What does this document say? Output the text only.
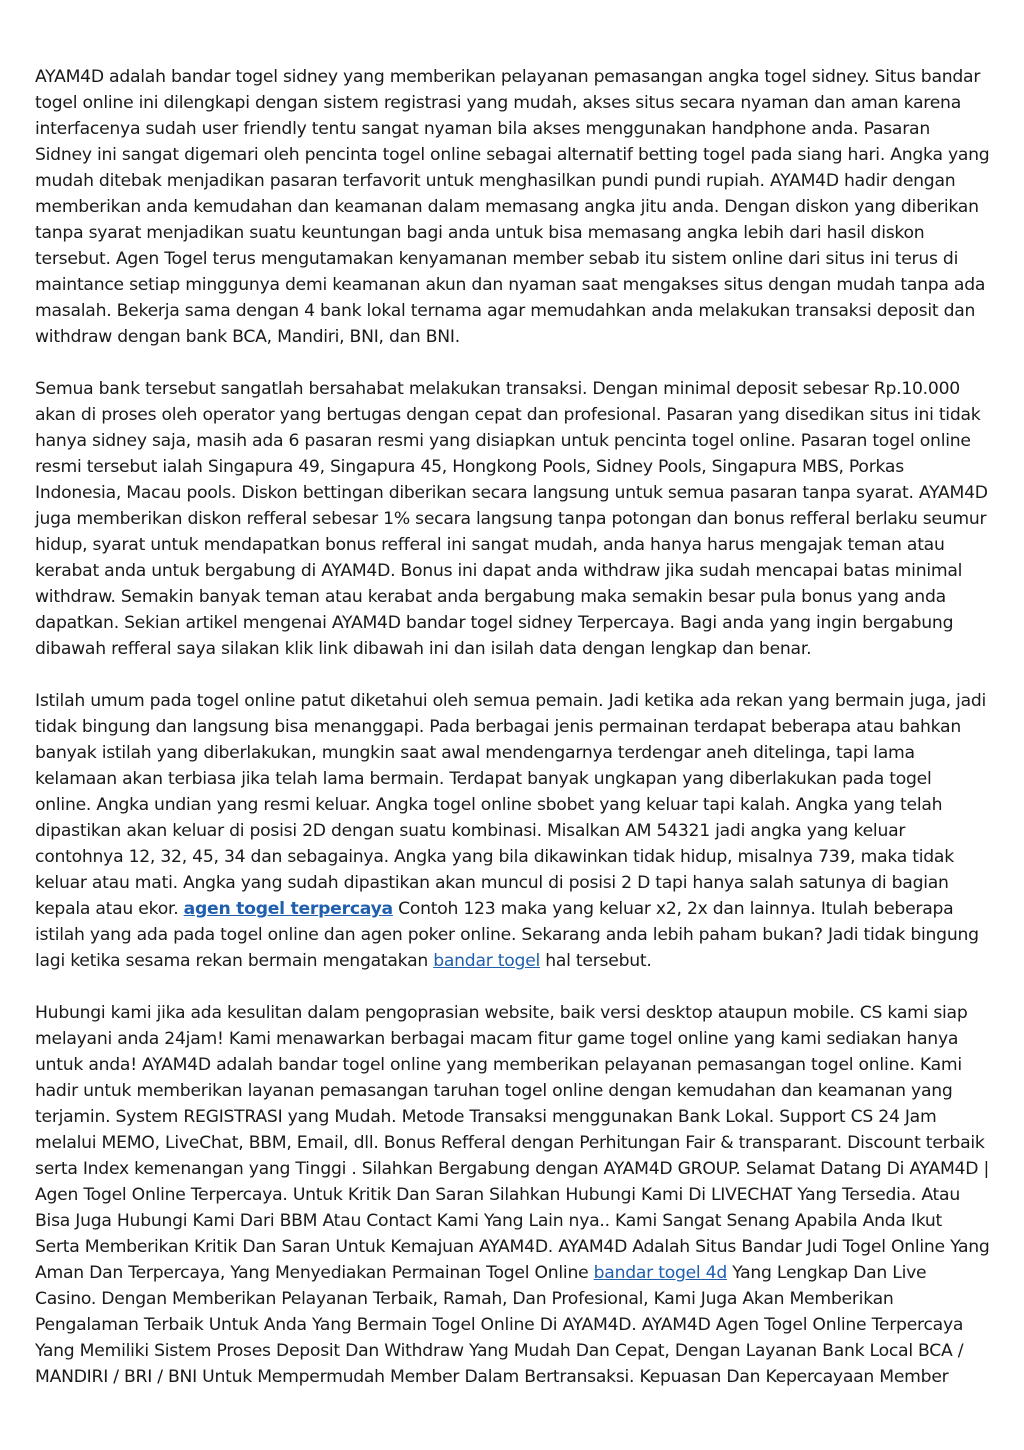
AYAM4D adalah bandar togel sidney yang memberikan pelayanan pemasangan angka togel sidney. Situs bandar togel online ini dilengkapi dengan sistem registrasi yang mudah, akses situs secara nyaman dan aman karena interfacenya sudah user friendly tentu sangat nyaman bila akses menggunakan handphone anda. Pasaran Sidney ini sangat digemari oleh pencinta togel online sebagai alternatif betting togel pada siang hari. Angka yang mudah ditebak menjadikan pasaran terfavorit untuk menghasilkan pundi pundi rupiah. AYAM4D hadir dengan memberikan anda kemudahan dan keamanan dalam memasang angka jitu anda. Dengan diskon yang diberikan tanpa syarat menjadikan suatu keuntungan bagi anda untuk bisa memasang angka lebih dari hasil diskon tersebut. Agen Togel terus mengutamakan kenyamanan member sebab itu sistem online dari situs ini terus di maintance setiap minggunya demi keamanan akun dan nyaman saat mengakses situs dengan mudah tanpa ada masalah. Bekerja sama dengan 4 bank lokal ternama agar memudahkan anda melakukan transaksi deposit dan withdraw dengan bank BCA, Mandiri, BNI, dan BNI.

Semua bank tersebut sangatlah bersahabat melakukan transaksi. Dengan minimal deposit sebesar Rp.10.000 akan di proses oleh operator yang bertugas dengan cepat dan profesional. Pasaran yang disedikan situs ini tidak hanya sidney saja, masih ada 6 pasaran resmi yang disiapkan untuk pencinta togel online. Pasaran togel online resmi tersebut ialah Singapura 49, Singapura 45, Hongkong Pools, Sidney Pools, Singapura MBS, Porkas Indonesia, Macau pools. Diskon bettingan diberikan secara langsung untuk semua pasaran tanpa syarat. AYAM4D juga memberikan diskon refferal sebesar 1% secara langsung tanpa potongan dan bonus refferal berlaku seumur hidup, syarat untuk mendapatkan bonus refferal ini sangat mudah, anda hanya harus mengajak teman atau kerabat anda untuk bergabung di AYAM4D. Bonus ini dapat anda withdraw jika sudah mencapai batas minimal withdraw. Semakin banyak teman atau kerabat anda bergabung maka semakin besar pula bonus yang anda dapatkan. Sekian artikel mengenai AYAM4D bandar togel sidney Terpercaya. Bagi anda yang ingin bergabung dibawah refferal saya silakan klik link dibawah ini dan isilah data dengan lengkap dan benar.

Istilah umum pada togel online patut diketahui oleh semua pemain. Jadi ketika ada rekan yang bermain juga, jadi tidak bingung dan langsung bisa menanggapi. Pada berbagai jenis permainan terdapat beberapa atau bahkan banyak istilah yang diberlakukan, mungkin saat awal mendengarnya terdengar aneh ditelinga, tapi lama kelamaan akan terbiasa jika telah lama bermain. Terdapat banyak ungkapan yang diberlakukan pada togel online. Angka undian yang resmi keluar. Angka togel online sbobet yang keluar tapi kalah. Angka yang telah dipastikan akan keluar di posisi 2D dengan suatu kombinasi. Misalkan AM 54321 jadi angka yang keluar contohnya 12, 32, 45, 34 dan sebagainya. Angka yang bila dikawinkan tidak hidup, misalnya 739, maka tidak keluar atau mati. Angka yang sudah dipastikan akan muncul di posisi 2 D tapi hanya salah satunya di bagian kepala atau ekor. agen togel terpercaya Contoh 123 maka yang keluar x2, 2x dan lainnya. Itulah beberapa istilah yang ada pada togel online dan agen poker online. Sekarang anda lebih paham bukan? Jadi tidak bingung lagi ketika sesama rekan bermain mengatakan bandar togel hal tersebut.

Hubungi kami jika ada kesulitan dalam pengoprasian website, baik versi desktop ataupun mobile. CS kami siap melayani anda 24jam! Kami menawarkan berbagai macam fitur game togel online yang kami sediakan hanya untuk anda! AYAM4D adalah bandar togel online yang memberikan pelayanan pemasangan togel online. Kami hadir untuk memberikan layanan pemasangan taruhan togel online dengan kemudahan dan keamanan yang terjamin. System REGISTRASI yang Mudah. Metode Transaksi menggunakan Bank Lokal. Support CS 24 Jam melalui MEMO, LiveChat, BBM, Email, dll. Bonus Refferal dengan Perhitungan Fair & transparant. Discount terbaik serta Index kemenangan yang Tinggi . Silahkan Bergabung dengan AYAM4D GROUP. Selamat Datang Di AYAM4D | Agen Togel Online Terpercaya. Untuk Kritik Dan Saran Silahkan Hubungi Kami Di LIVECHAT Yang Tersedia. Atau Bisa Juga Hubungi Kami Dari BBM Atau Contact Kami Yang Lain nya.. Kami Sangat Senang Apabila Anda Ikut Serta Memberikan Kritik Dan Saran Untuk Kemajuan AYAM4D. AYAM4D Adalah Situs Bandar Judi Togel Online Yang Aman Dan Terpercaya, Yang Menyediakan Permainan Togel Online bandar togel 4d Yang Lengkap Dan Live Casino. Dengan Memberikan Pelayanan Terbaik, Ramah, Dan Profesional, Kami Juga Akan Memberikan Pengalaman Terbaik Untuk Anda Yang Bermain Togel Online Di AYAM4D. AYAM4D Agen Togel Online Terpercaya Yang Memiliki Sistem Proses Deposit Dan Withdraw Yang Mudah Dan Cepat, Dengan Layanan Bank Local BCA / MANDIRI / BRI / BNI Untuk Mempermudah Member Dalam Bertransaksi. Kepuasan Dan Kepercayaan Member
